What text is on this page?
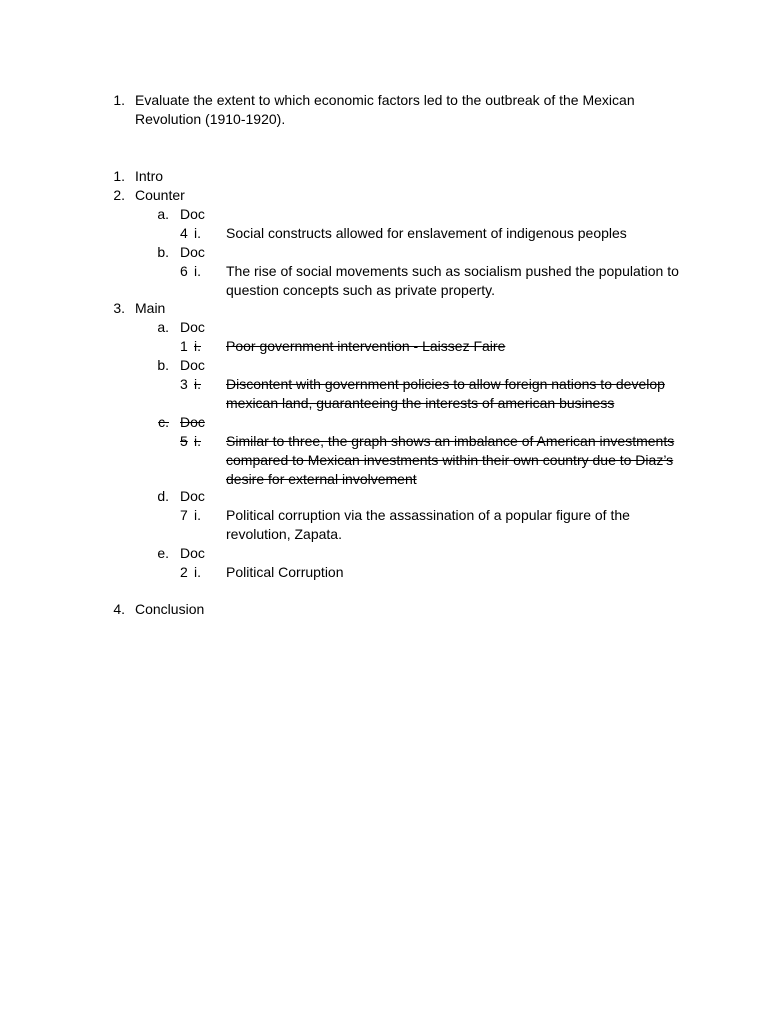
1. Evaluate the extent to which economic factors led to the outbreak of the Mexican
Revolution (1910-1920).
1. Intro
2. Counter
a. Doc 4 i. Social constructs allowed for enslavement of indigenous peoples
b. Doc 6 i. The rise of social movements such as socialism pushed the population to
question concepts such as private property.
3. Main
a. Doc 1 i. Poor government intervention - Laissez Faire
b. Doc 3 i. Discontent with government policies to allow foreign nations to develop
mexican land, guaranteeing the interests of american business
c. Doc 5 i. Similar to three, the graph shows an imbalance of American investments
compared to Mexican investments within their own country due to Diaz’s
desire for external involvement
d. Doc 7 i. Political corruption via the assassination of a popular figure of the
revolution, Zapata.
e. Doc 2 i. Political Corruption
4. Conclusion
